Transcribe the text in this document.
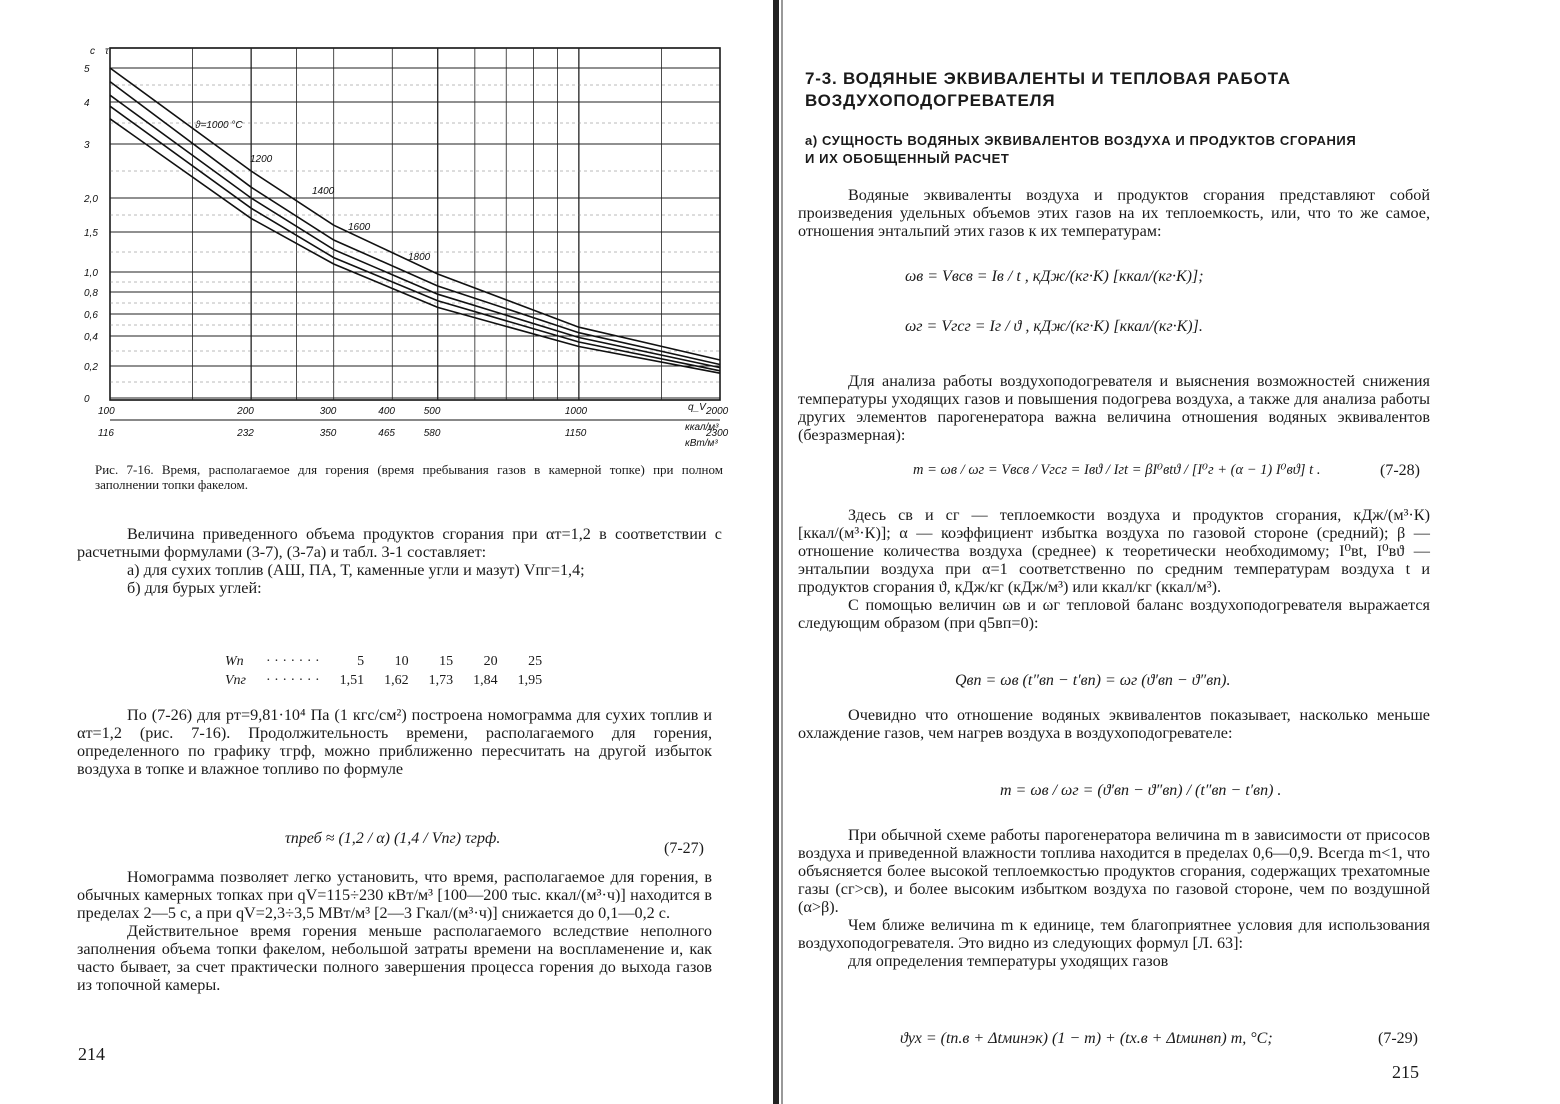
5
4
3
2,0
1,5
1,0
0,8
0,6
0,4
0,2
0
100	200	300	400	500	1000	2000
116	232	350	465	580	1150	2300
ϑ=1000 °С
1200
1400
1600
1800
с τ
q_V
ккал/м³
кВт/м³
Рис. 7-16. Время, располагаемое для горения (время пребывания газов в камерной топке) при полном заполнении топки факелом.

Величина приведенного объема продуктов сгорания при αт=1,2 в соответствии с расчетными формулами (3-7), (3-7а) и табл. 3-1 составляет:

а) для сухих топлив (АШ, ПА, Т, каменные угли и мазут) Vпг=1,4;

б) для бурых углей:

Wп	· · · · · · ·	5	10	15	20	25
Vпг	· · · · · · ·	1,51	1,62	1,73	1,84	1,95
По (7-26) для pт=9,81·10⁴ Па (1 кгс/см²) построена номограмма для сухих топлив и αт=1,2 (рис. 7-16). Продолжительность времени, располагаемого для горения, определенного по графику τгрф, можно приближенно пересчитать на другой избыток воздуха в топке и влажное топливо по формуле
τпреб ≈ (1,2 / α) (1,4 / Vпг) τгрф.
(7-27)

Номограмма позволяет легко установить, что время, располагаемое для горения, в обычных камерных топках при qV=115÷230 кВт/м³ [100—200 тыс. ккал/(м³·ч)] находится в пределах 2—5 с, а при qV=2,3÷3,5 МВт/м³ [2—3 Гкал/(м³·ч)] снижается до 0,1—0,2 с.

Действительное время горения меньше располагаемого вследствие неполного заполнения объема топки факелом, небольшой затраты времени на воспламенение и, как часто бывает, за счет практически полного завершения процесса горения до выхода газов из топочной камеры.

214
7-3. ВОДЯНЫЕ ЭКВИВАЛЕНТЫ И ТЕПЛОВАЯ РАБОТА ВОЗДУХОПОДОГРЕВАТЕЛЯ
а) СУЩНОСТЬ ВОДЯНЫХ ЭКВИВАЛЕНТОВ ВОЗДУХА И ПРОДУКТОВ СГОРАНИЯ И ИХ ОБОБЩЕННЫЙ РАСЧЕТ
Водяные эквиваленты воздуха и продуктов сгорания представляют собой произведения удельных объемов этих газов на их теплоемкость, или, что то же самое, отношения энтальпий этих газов к их температурам:
ωв = Vвcв = Iв / t , кДж/(кг·К) [ккал/(кг·К)];
ωг = Vгcг = Iг / ϑ , кДж/(кг·К) [ккал/(кг·К)].
Для анализа работы воздухоподогревателя и выяснения возможностей снижения температуры уходящих газов и повышения подогрева воздуха, а также для анализа работы других элементов парогенератора важна величина отношения водяных эквивалентов (безразмерная):
m = ωв / ωг = Vвcв / Vгcг = Iвϑ / Iгt = βI⁰вtϑ / [I⁰г + (α − 1) I⁰вϑ] t .	(7-28)

Здесь cв и cг — теплоемкости воздуха и продуктов сгорания, кДж/(м³·К) [ккал/(м³·К)]; α — коэффициент избытка воздуха по газовой стороне (средний); β — отношение количества воздуха (среднее) к теоретически необходимому; I⁰вt, I⁰вϑ — энтальпии воздуха при α=1 соответственно по средним температурам воздуха t и продуктов сгорания ϑ, кДж/кг (кДж/м³) или ккал/кг (ккал/м³).

С помощью величин ωв и ωг тепловой баланс воздухоподогревателя выражается следующим образом (при q5вп=0):

Qвп = ωв (t″вп − t′вп) = ωг (ϑ′вп − ϑ″вп).
Очевидно что отношение водяных эквивалентов показывает, насколько меньше охлаждение газов, чем нагрев воздуха в воздухоподогревателе:
m = ωв / ωг = (ϑ′вп − ϑ″вп) / (t″вп − t′вп) .

При обычной схеме работы парогенератора величина m в зависимости от присосов воздуха и приведенной влажности топлива находится в пределах 0,6—0,9. Всегда m<1, что объясняется более высокой теплоемкостью продуктов сгорания, содержащих трехатомные газы (cг>cв), и более высоким избытком воздуха по газовой стороне, чем по воздушной (α>β).

Чем ближе величина m к единице, тем благоприятнее условия для использования воздухоподогревателя. Это видно из следующих формул [Л. 63]:

для определения температуры уходящих газов

ϑух = (tп.в + Δtминэк) (1 − m) + (tх.в + Δtминвп) m, °С;	(7-29)
215
